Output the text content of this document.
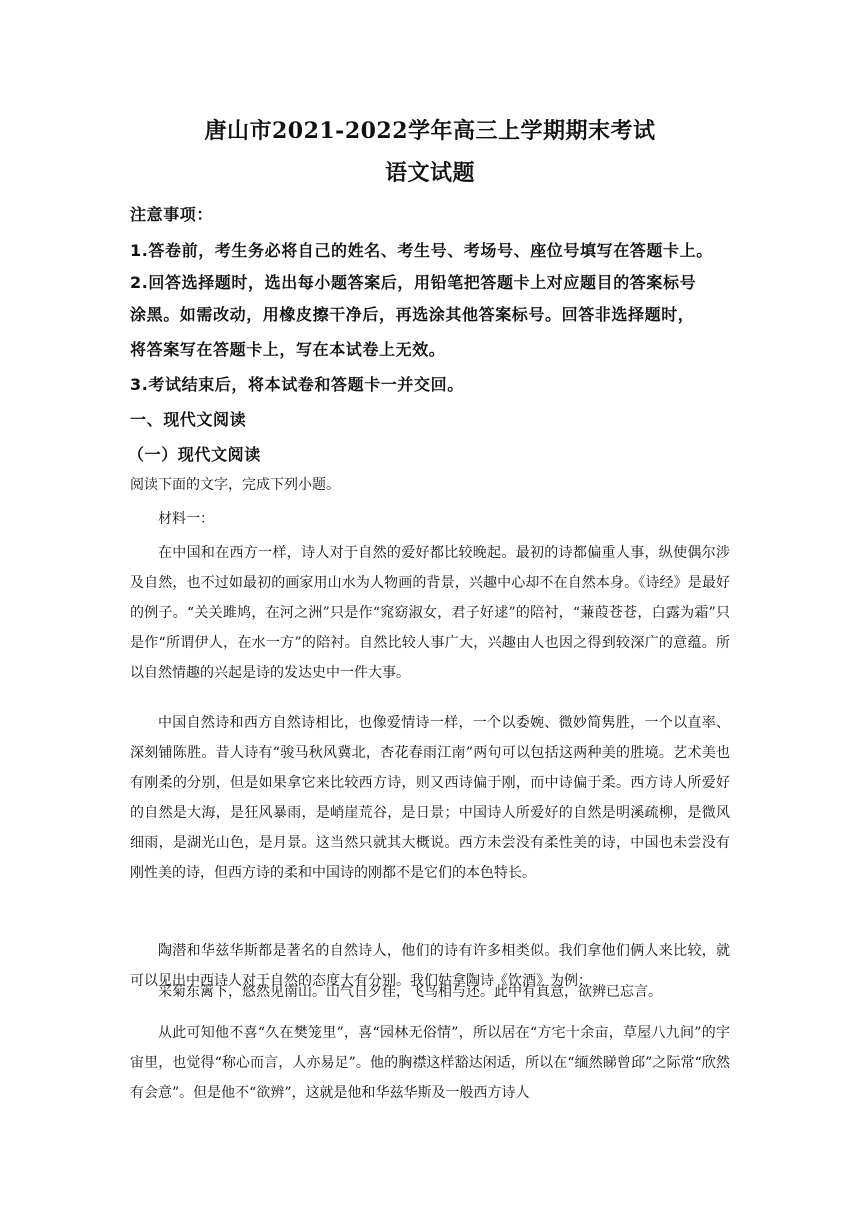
唐山市2021-2022学年高三上学期期末考试
语文试题
注意事项：
1.答卷前，考生务必将自己的姓名、考生号、考场号、座位号填写在答题卡上。
2.回答选择题时，选出每小题答案后，用铅笔把答题卡上对应题目的答案标号
涂黑。如需改动，用橡皮擦干净后，再选涂其他答案标号。回答非选择题时，
将答案写在答题卡上，写在本试卷上无效。
3.考试结束后，将本试卷和答题卡一并交回。
一、现代文阅读
（一）现代文阅读
阅读下面的文字，完成下列小题。
材料一：
在中国和在西方一样，诗人对于自然的爱好都比较晚起。最初的诗都偏重人事，纵使偶尔涉及自然，也不过如最初的画家用山水为人物画的背景，兴趣中心却不在自然本身。《诗经》是最好的例子。“关关雎鸠，在河之洲”只是作“窕窈淑女，君子好逑”的陪衬，“蒹葭苍苍，白露为霜”只是作“所谓伊人，在水一方”的陪衬。自然比较人事广大，兴趣由人也因之得到较深广的意蕴。所以自然情趣的兴起是诗的发达史中一件大事。
中国自然诗和西方自然诗相比，也像爱情诗一样，一个以委婉、微妙简隽胜，一个以直率、深刻铺陈胜。昔人诗有“骏马秋风冀北，杏花春雨江南”两句可以包括这两种美的胜境。艺术美也有刚柔的分别，但是如果拿它来比较西方诗，则又西诗偏于刚，而中诗偏于柔。西方诗人所爱好的自然是大海，是狂风暴雨，是峭崖荒谷，是日景；中国诗人所爱好的自然是明溪疏柳，是微风细雨，是湖光山色，是月景。这当然只就其大概说。西方未尝没有柔性美的诗，中国也未尝没有刚性美的诗，但西方诗的柔和中国诗的刚都不是它们的本色特长。
陶潜和华兹华斯都是著名的自然诗人，他们的诗有许多相类似。我们拿他们俩人来比较，就可以见出中西诗人对于自然的态度大有分别。我们姑拿陶诗《饮酒》为例：
采菊东篱下，悠然见南山。山气日夕佳，飞鸟相与还。此中有真意，欲辨已忘言。
从此可知他不喜“久在樊笼里”，喜“园林无俗情”，所以居在“方宅十余亩，草屋八九间”的宇宙里，也觉得“称心而言，人亦易足”。他的胸襟这样豁达闲适，所以在“缅然睇曾邱”之际常“欣然有会意”。但是他不“欲辨”，这就是他和华兹华斯及一般西方诗人
